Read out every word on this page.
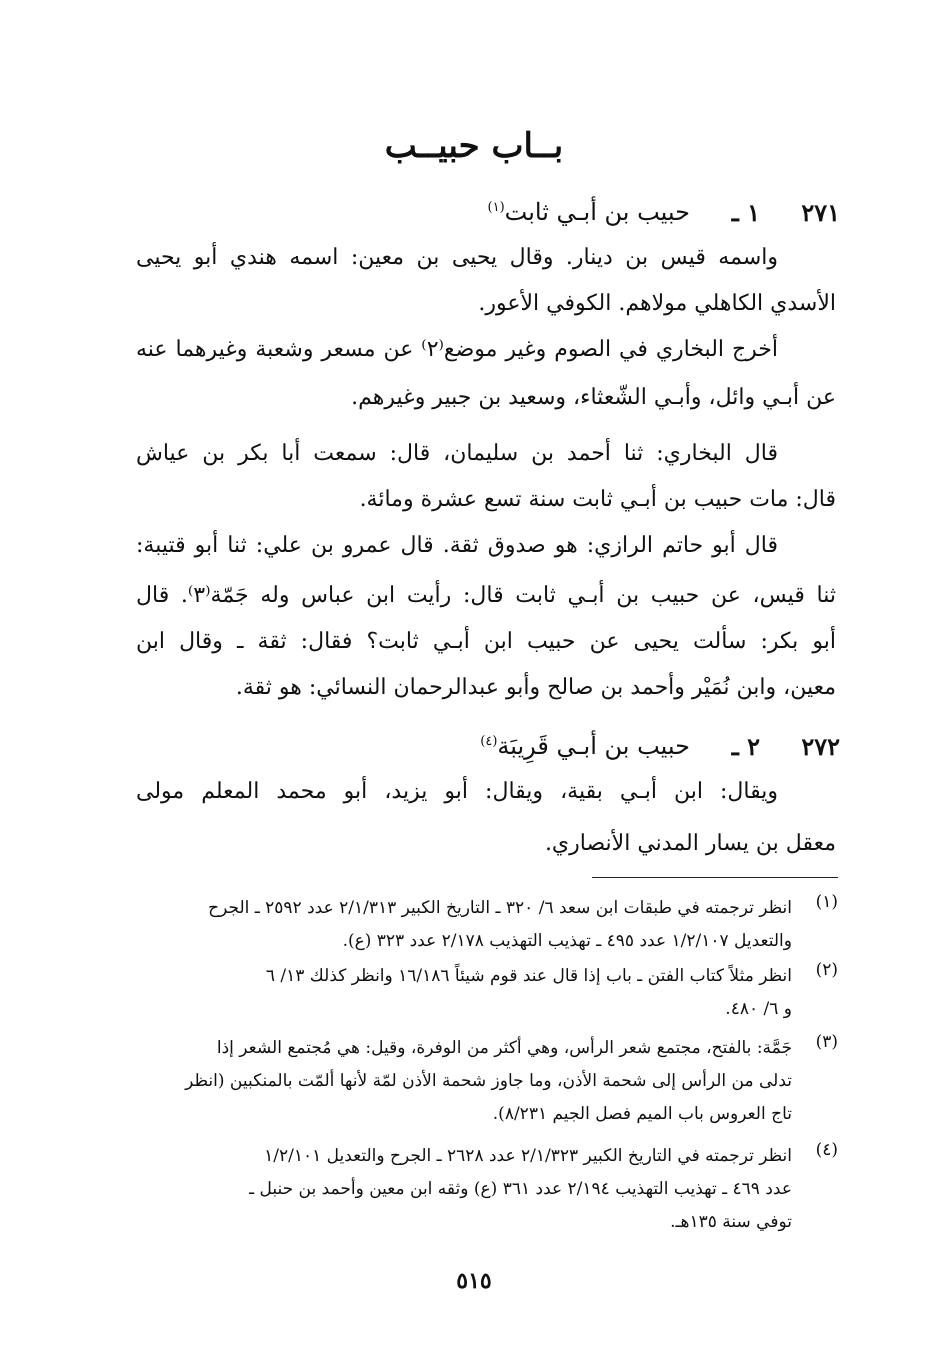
بــاب حبيــب
٢٧١
١ ـ
حبيب بن أبـي ثابت$^{(١)}$
واسمه قيس بن دينار. وقال يحيى بن معين: اسمه هندي أبو يحيى
الأسدي الكاهلي مولاهم. الكوفي الأعور.
أخرج البخاري في الصوم وغير موضع⁽٢⁾ عن مسعر وشعبة وغيرهما عنه
عن أبـي وائل، وأبـي الشّعثاء، وسعيد بن جبير وغيرهم.
قال البخاري: ثنا أحمد بن سليمان، قال: سمعت أبا بكر بن عياش
قال: مات حبيب بن أبـي ثابت سنة تسع عشرة ومائة.
قال أبو حاتم الرازي: هو صدوق ثقة. قال عمرو بن علي: ثنا أبو قتيبة:
ثنا قيس، عن حبيب بن أبـي ثابت قال: رأيت ابن عباس وله جَمّة⁽٣⁾. قال
أبو بكر: سألت يحيى عن حبيب ابن أبـي ثابت؟ فقال: ثقة ـ وقال ابن
معين، وابن نُمَيْر وأحمد بن صالح وأبو عبدالرحمان النسائي: هو ثقة.
٢٧٢
٢ ـ
حبيب بن أبـي قَرِيبَة$^{(٤)}$
ويقال: ابن أبـي بقية، ويقال: أبو يزيد، أبو محمد المعلم مولى
معقل بن يسار المدني الأنصاري.
(١)
انظر ترجمته في طبقات ابن سعد ٦/ ٣٢٠ ـ التاريخ الكبير ٢/١/٣١٣ عدد ٢٥٩٢ ـ الجرح
والتعديل ١/٢/١٠٧ عدد ٤٩٥ ـ تهذيب التهذيب ٢/١٧٨ عدد ٣٢٣ (ع).
(٢)
انظر مثلاً كتاب الفتن ـ باب إذا قال عند قوم شيئاً ١٦/١٨٦ وانظر كذلك ١٣/ ٦
و ٦/ ٤٨٠.
(٣)
جَمَّة: بالفتح، مجتمع شعر الرأس، وهي أكثر من الوفرة، وقيل: هي مُجتمع الشعر إذا
تدلى من الرأس إلى شحمة الأذن، وما جاوز شحمة الأذن لمّة لأنها ألمّت بالمنكبين (انظر
تاج العروس باب الميم فصل الجيم ٨/٢٣١).
(٤)
انظر ترجمته في التاريخ الكبير ٢/١/٣٢٣ عدد ٢٦٢٨ ـ الجرح والتعديل ١/٢/١٠١
عدد ٤٦٩ ـ تهذيب التهذيب ٢/١٩٤ عدد ٣٦١ (ع) وثقه ابن معين وأحمد بن حنبل ـ
توفي سنة ١٣٥هـ.
٥١٥
